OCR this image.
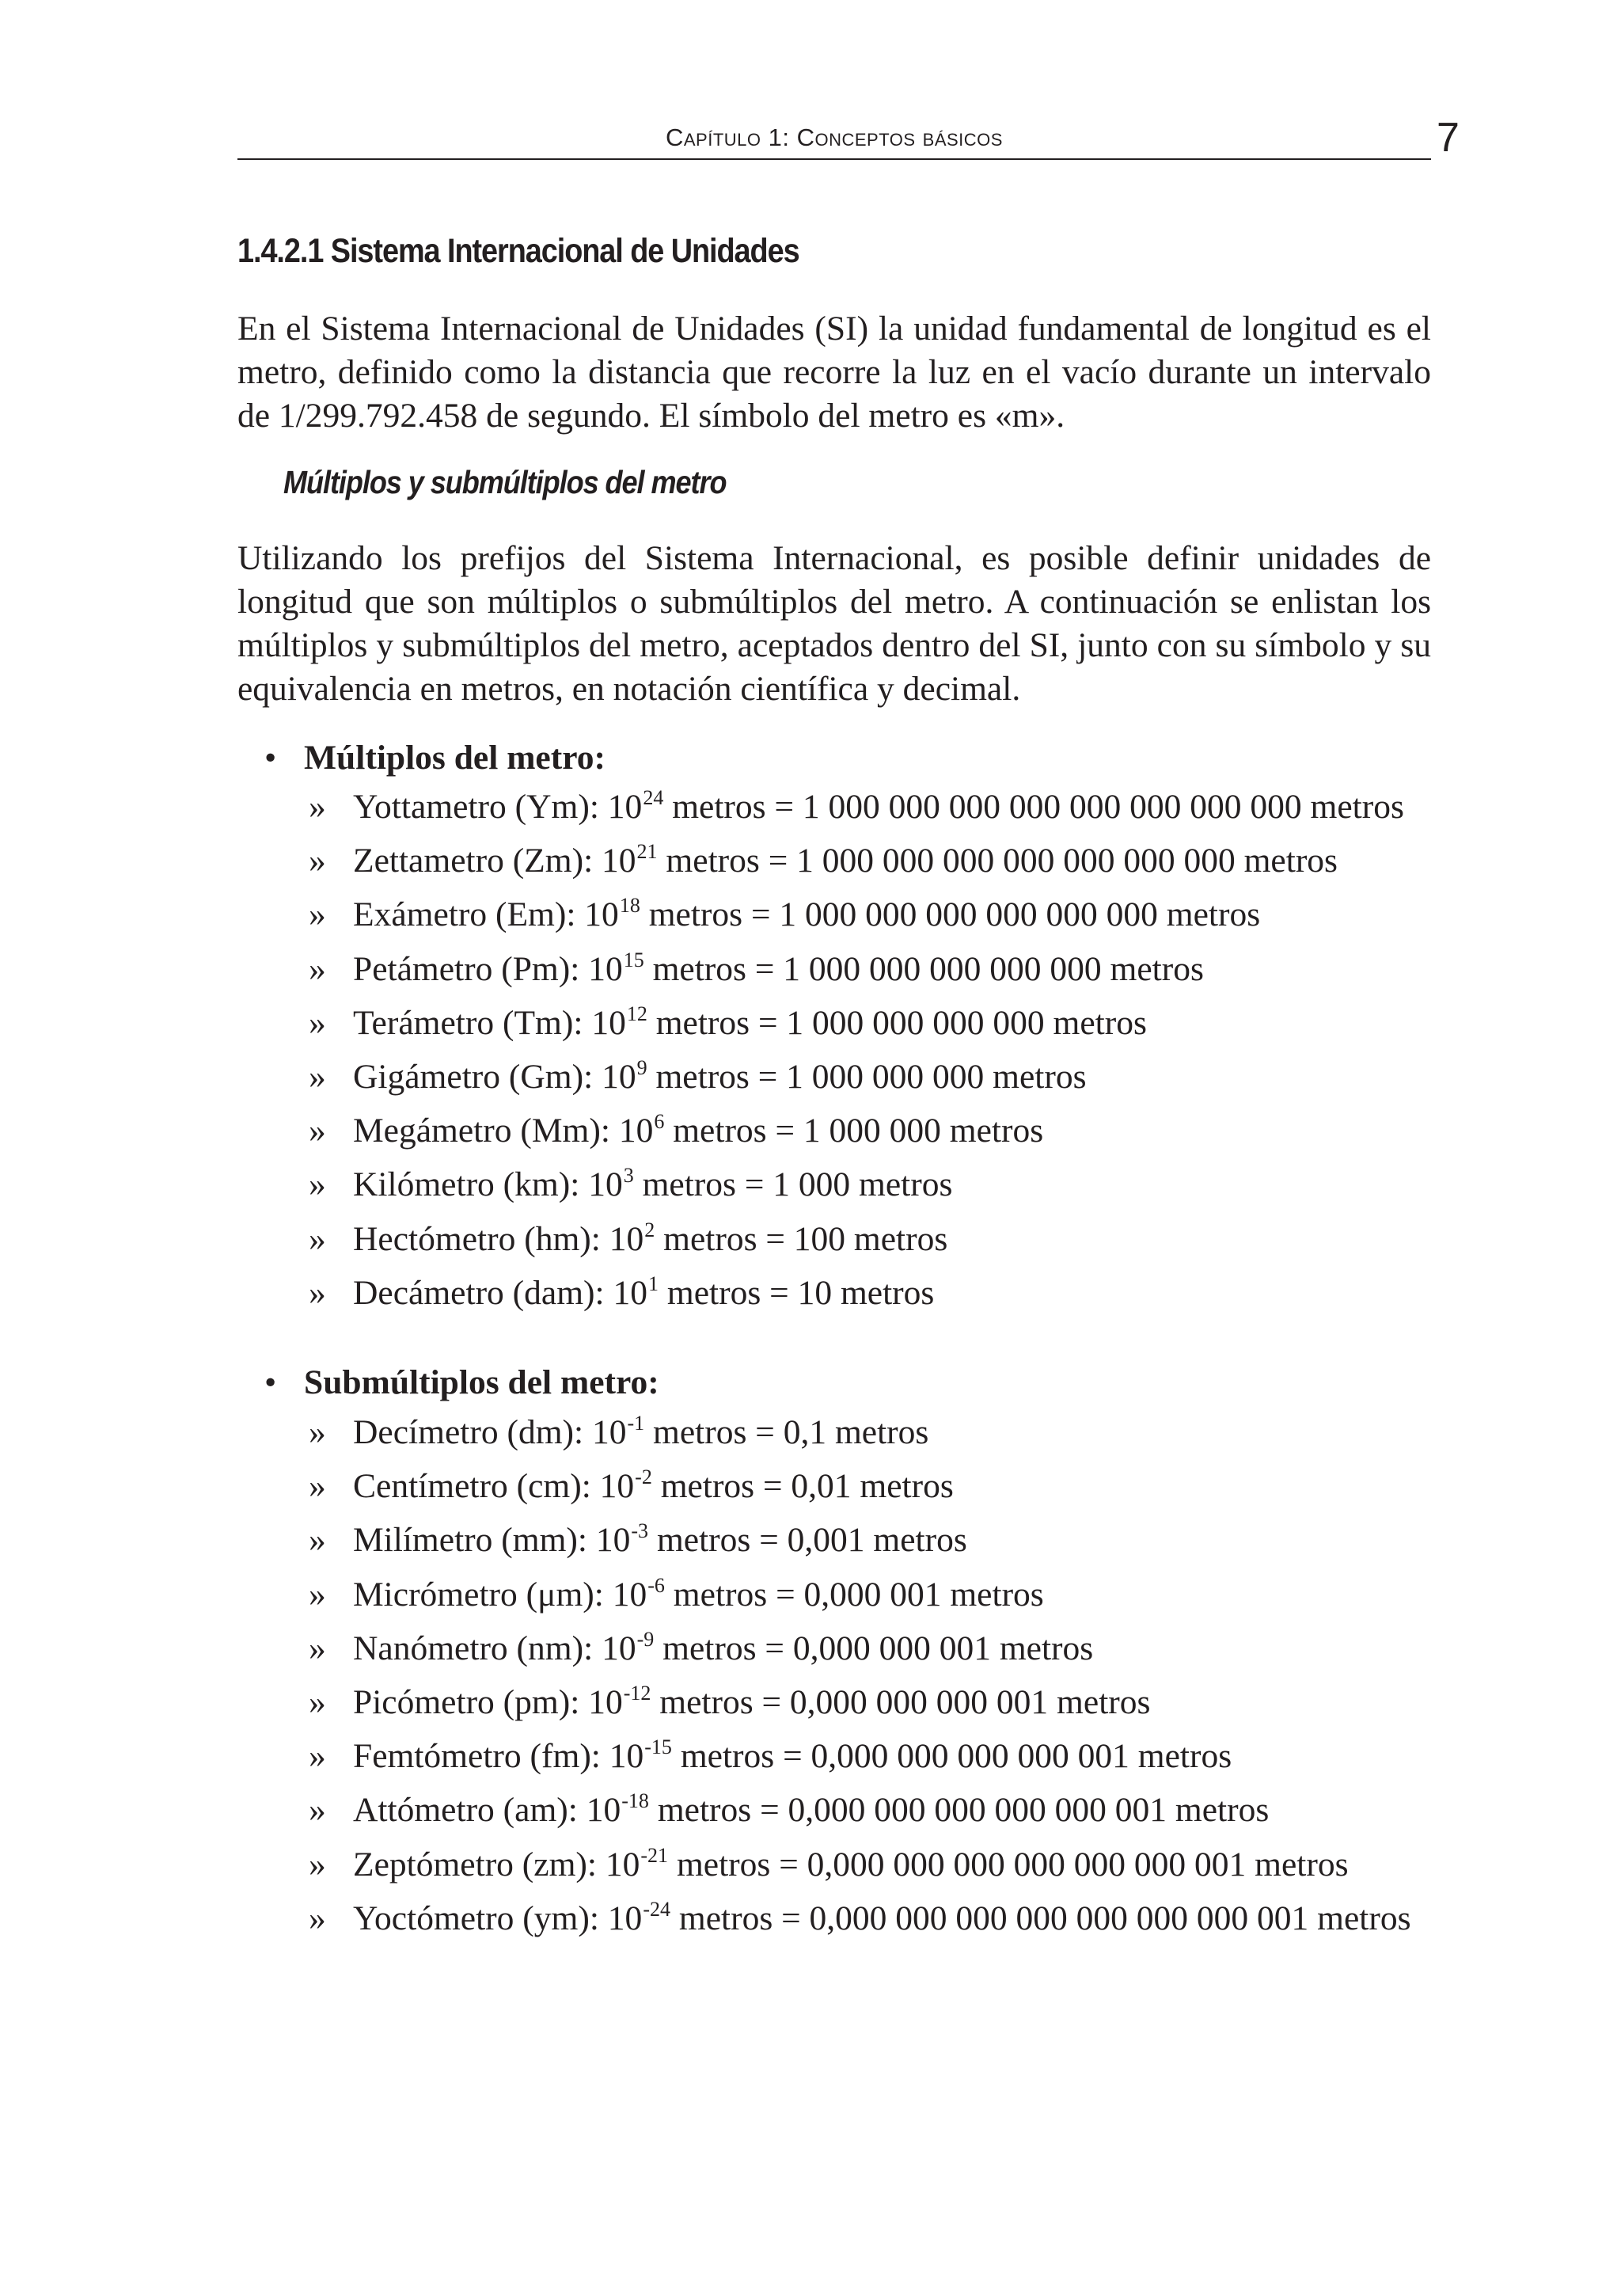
Capítulo 1: Conceptos básicos	7
1.4.2.1 Sistema Internacional de Unidades

En el Sistema Internacional de Unidades (SI) la unidad fundamental de longitud es el metro, definido como la distancia que recorre la luz en el vacío durante un intervalo de 1/299.792.458 de segundo. El símbolo del metro es «m».

Múltiplos y submúltiplos del metro

Utilizando los prefijos del Sistema Internacional, es posible definir unidades de longitud que son múltiplos o submúltiplos del metro. A continuación se enlistan los múltiplos y submúltiplos del metro, aceptados dentro del SI, junto con su símbolo y su equivalencia en metros, en notación científica y decimal.

• Múltiplos del metro:
» Yottametro (Ym): $10^{24}$ metros = 1 000 000 000 000 000 000 000 000 metros
» Zettametro (Zm): $10^{21}$ metros = 1 000 000 000 000 000 000 000 metros
» Exámetro (Em): $10^{18}$ metros = 1 000 000 000 000 000 000 metros
» Petámetro (Pm): $10^{15}$ metros = 1 000 000 000 000 000 metros
» Terámetro (Tm): $10^{12}$ metros = 1 000 000 000 000 metros
» Gigámetro (Gm): $10^9$ metros = 1 000 000 000 metros
» Megámetro (Mm): $10^6$ metros = 1 000 000 metros
» Kilómetro (km): $10^3$ metros = 1 000 metros
» Hectómetro (hm): $10^2$ metros = 100 metros
» Decámetro (dam): $10^1$ metros = 10 metros
• Submúltiplos del metro:
» Decímetro (dm): $10^{-1}$ metros = 0,1 metros
» Centímetro (cm): $10^{-2}$ metros = 0,01 metros
» Milímetro (mm): $10^{-3}$ metros = 0,001 metros
» Micrómetro (μm): $10^{-6}$ metros = 0,000 001 metros
» Nanómetro (nm): $10^{-9}$ metros = 0,000 000 001 metros
» Picómetro (pm): $10^{-12}$ metros = 0,000 000 000 001 metros
» Femtómetro (fm): $10^{-15}$ metros = 0,000 000 000 000 001 metros
» Attómetro (am): $10^{-18}$ metros = 0,000 000 000 000 000 001 metros
» Zeptómetro (zm): $10^{-21}$ metros = 0,000 000 000 000 000 000 001 metros
» Yoctómetro (ym): $10^{-24}$ metros = 0,000 000 000 000 000 000 000 001 metros
